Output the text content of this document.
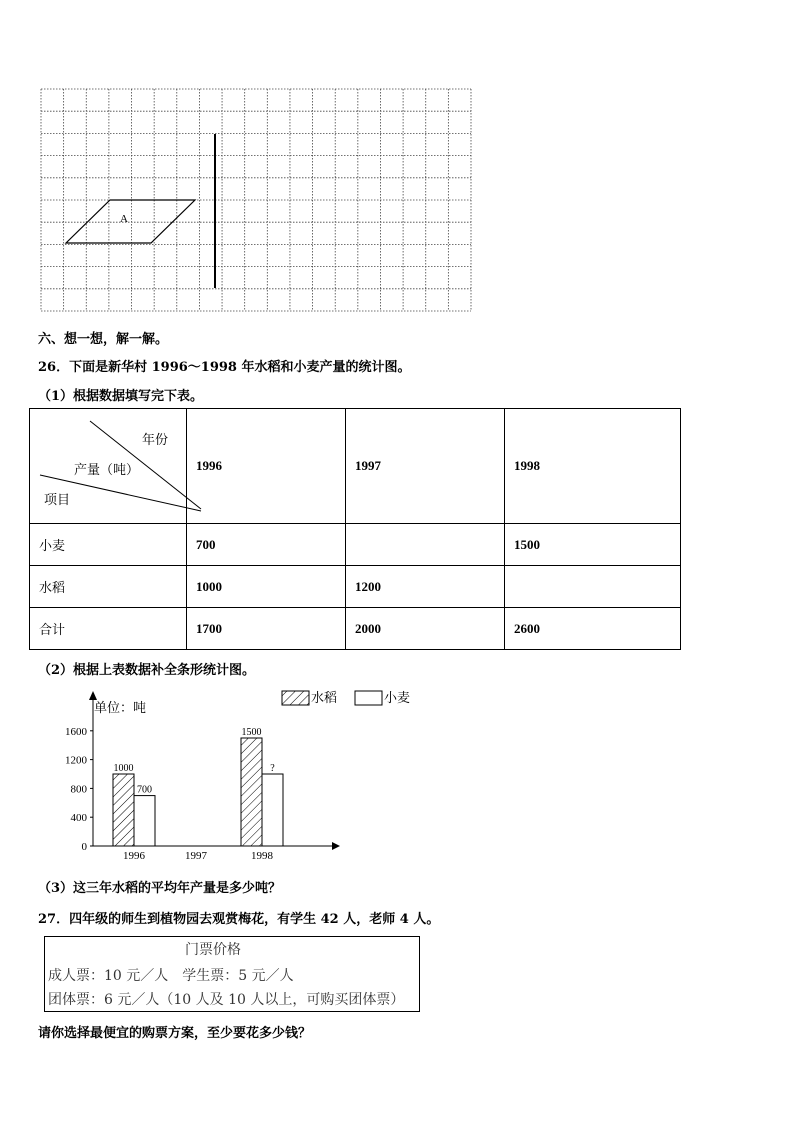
A
六、想一想，解一解。
26．下面是新华村 1996～1998 年水稻和小麦产量的统计图。
（1）根据数据填写完下表。
年份
产量（吨）
项目	1996	1997	1998
小麦	700		1500
水稻	1000	1200	
合计	1700	2000	2600
（2）根据上表数据补全条形统计图。
单位：吨
0
400
800
1200
1600
1996
1000
700
1997	1998
1500
?
水稻	小麦
（3）这三年水稻的平均年产量是多少吨？
27．四年级的师生到植物园去观赏梅花，有学生 42 人，老师 4 人。
门票价格
成人票：10 元／人　学生票：5 元／人
团体票：6 元／人（10 人及 10 人以上，可购买团体票）
请你选择最便宜的购票方案，至少要花多少钱？
